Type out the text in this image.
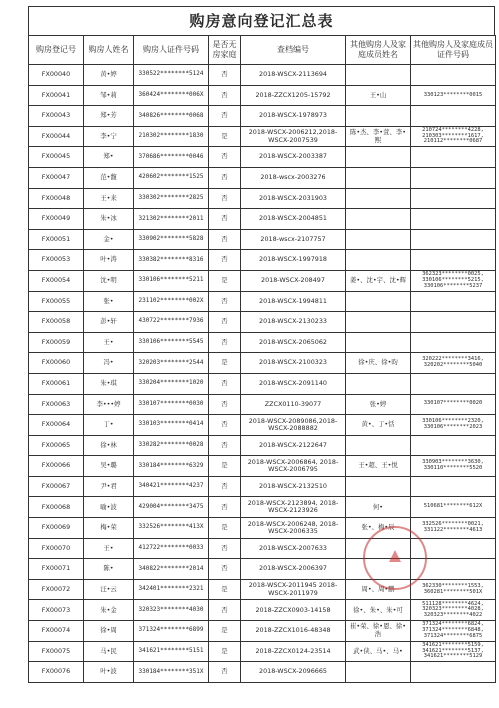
购房意向登记汇总表
购房登记号	购房人姓名	购房人证件号码	是否无房家庭	查档编号	其他购房人及家庭成员姓名	其他购房人及家庭成员证件号码
FX00040	黄•婷	330522********5124	否	2018-WSCX-2113694		
FX00041	邹•莉	360424********006X	否	2018-ZZCX1205-15792	王•山	330123********0015
FX00043	郑•芳	340826********0068	否	2018-WSCX-1978973		
FX00044	李•宁	210302********1830	是	2018-WSCX-2006212,2018-WSCX-2007539	陈•杰、李•萱、李•熙	210724********4228, 210303********1617, 210112********0687
FX00045	郑•	370686********0046	否	2018-WSCX-2003387		
FX00047	范•馥	420602********1525	否	2018-wscx-2003276		
FX00048	王•来	330302********2825	否	2018-WSCX-2031903		
FX00049	朱•冰	321302********2011	否	2018-WSCX-2004851		
FX00051	金•	330902********5828	否	2018-wscx-2107757		
FX00053	叶•涛	330382********8316	否	2018-WSCX-1997918		
FX00054	沈•明	330106********5211	是	2018-WSCX-208497	姜•、沈•宇、沈•辉	362323********0025, 330106********5215, 330106********5237
FX00055	张•	231102********002X	否	2018-WSCX-1994811		
FX00058	彭•轩	430722********7936	否	2018-WSCX-2130233		
FX00059	王•	330106********5545	否	2018-WSCX-2065062		
FX00060	冯•	320203********2544	是	2018-WSCX-2100323	徐•庆、徐•昀	320222********3416, 320202********5040
FX00061	朱•琪	330204********1020	否	2018-WSCX-2091140		
FX00063	李•••婷	330107********0030	否	ZZCX0110-39077	张•婷	330107********0020
FX00064	丁•	330103********0414	否	2018-WSCX-2089086,2018-WSCX-2088882	黄•、丁•恬	330106********2320, 330106********2023
FX00065	徐•林	330282********0028	否	2018-WSCX-2122647		
FX00066	吴•璐	330184********6329	是	2018-WSCX-2006864, 2018-WSCX-2006795	王•超、王•悦	330903********3630, 330110********5520
FX00067	尹•君	340421********4237	否	2018-WSCX-2132510		
FX00068	喻•波	429004********3475	否	2018-WSCX-2123894, 2018-WSCX-2123926	何•	510681********612X
FX00069	梅•荣	332526********413X	是	2018-WSCX-2006248, 2018-WSCX-2006335	张•、梅•辰	332526********0021, 331122********4613
FX00070	王•	412722********0033	否	2018-WSCX-2007633		
FX00071	陈•	340822********2014	否	2018-WSCX-2006397		
FX00072	汪•云	342401********2321	是	2018-WSCX-2011945 2018-WSCX-2011979	周•、周•鹏	362330********1553, 360281********501X
FX00073	朱•金	320323********4030	否	2018-ZZCX0903-14158	徐•、朱•、朱•可	511128********4624, 320323********4028, 320323********4022
FX00074	徐•周	371324********6899	是	2018-ZZCX1016-48348	崔•荣、徐•恩、徐•浩	371324********6824, 371324********6848, 371324********6875
FX00075	马•民	341621********5151	是	2018-ZZCX0124-23514	武•侠、马•、马•	341621********5159, 341621********5137, 341621********5129
FX00076	叶•波	330184********351X	否	2018-WSCX-2096665		
